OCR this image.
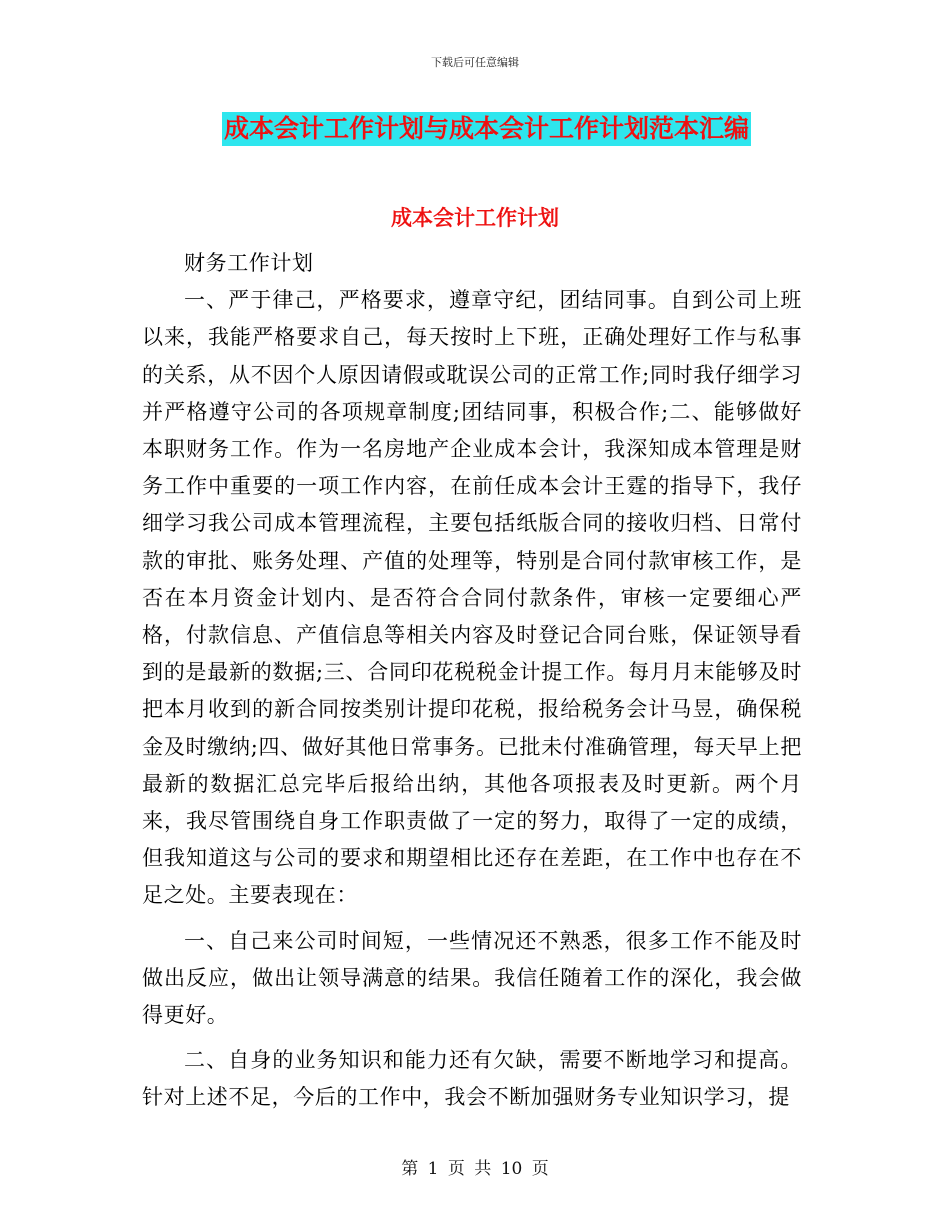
下载后可任意编辑
成本会计工作计划与成本会计工作计划范本汇编
成本会计工作计划

财务工作计划

一、严于律己，严格要求，遵章守纪，团结同事。自到公司上班以来，我能严格要求自己，每天按时上下班，正确处理好工作与私事的关系，从不因个人原因请假或耽误公司的正常工作;同时我仔细学习并严格遵守公司的各项规章制度;团结同事，积极合作;二、能够做好本职财务工作。作为一名房地产企业成本会计，我深知成本管理是财务工作中重要的一项工作内容，在前任成本会计王霆的指导下，我仔细学习我公司成本管理流程，主要包括纸版合同的接收归档、日常付款的审批、账务处理、产值的处理等，特别是合同付款审核工作，是否在本月资金计划内、是否符合合同付款条件，审核一定要细心严格，付款信息、产值信息等相关内容及时登记合同台账，保证领导看到的是最新的数据;三、合同印花税税金计提工作。每月月末能够及时把本月收到的新合同按类别计提印花税，报给税务会计马昱，确保税金及时缴纳;四、做好其他日常事务。已批未付准确管理，每天早上把最新的数据汇总完毕后报给出纳，其他各项报表及时更新。两个月来，我尽管围绕自身工作职责做了一定的努力，取得了一定的成绩，但我知道这与公司的要求和期望相比还存在差距，在工作中也存在不足之处。主要表现在：

一、自己来公司时间短，一些情况还不熟悉，很多工作不能及时做出反应，做出让领导满意的结果。我信任随着工作的深化，我会做得更好。

二、自身的业务知识和能力还有欠缺，需要不断地学习和提高。针对上述不足，今后的工作中，我会不断加强财务专业知识学习，提

第 1 页 共 10 页
